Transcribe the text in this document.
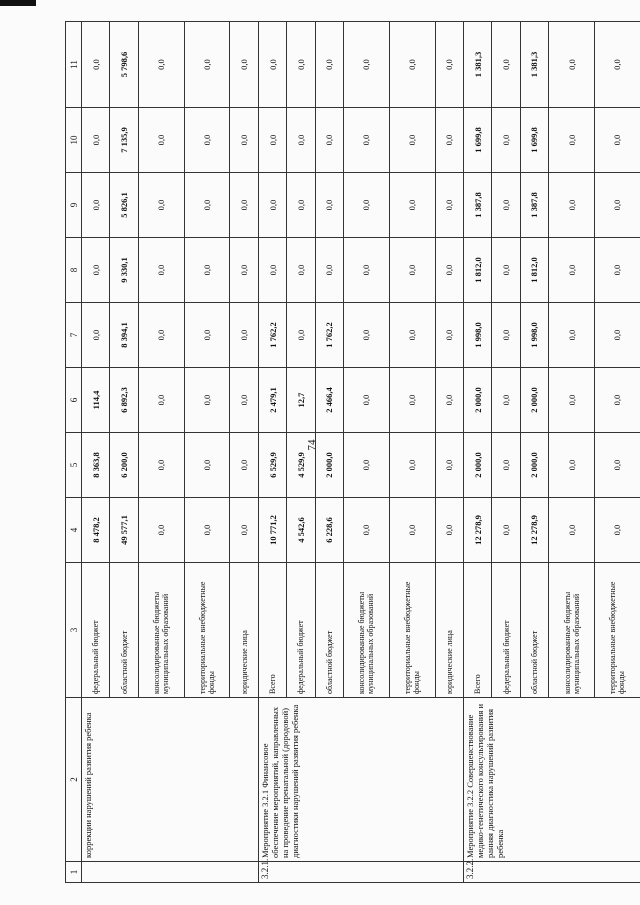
74
1	2	3	4	5	6	7	8	9	10	11
	коррекции нарушений развития ребенка	федеральный бюджет	8 478,2	8 363,8	114,4	0,0	0,0	0,0	0,0	0,0
		областной бюджет	49 577,1	6 200,0	6 892,3	8 394,1	9 330,1	5 826,1	7 135,9	5 798,6
		консолидированные бюджеты муниципальных образований	0,0	0,0	0,0	0,0	0,0	0,0	0,0	0,0
		территориальные внебюджетные фонды	0,0	0,0	0,0	0,0	0,0	0,0	0,0	0,0
		юридические лица	0,0	0,0	0,0	0,0	0,0	0,0	0,0	0,0
3.2.1.	Мероприятие 3.2.1 Финансовое обеспечение мероприятий, направленных на проведение пренатальной (дородовой) диагностики нарушений развития ребенка	Всего	10 771,2	6 529,9	2 479,1	1 762,2	0,0	0,0	0,0	0,0
		федеральный бюджет	4 542,6	4 529,9	12,7	0,0	0,0	0,0	0,0	0,0
		областной бюджет	6 228,6	2 000,0	2 466,4	1 762,2	0,0	0,0	0,0	0,0
		консолидированные бюджеты муниципальных образований	0,0	0,0	0,0	0,0	0,0	0,0	0,0	0,0
		территориальные внебюджетные фонды	0,0	0,0	0,0	0,0	0,0	0,0	0,0	0,0
		юридические лица	0,0	0,0	0,0	0,0	0,0	0,0	0,0	0,0
3.2.2.	Мероприятие 3.2.2 Совершенствование медико-генетического консультирования и ранняя диагностика нарушений развития ребенка	Всего	12 278,9	2 000,0	2 000,0	1 998,0	1 812,0	1 387,8	1 699,8	1 381,3
		федеральный бюджет	0,0	0,0	0,0	0,0	0,0	0,0	0,0	0,0
		областной бюджет	12 278,9	2 000,0	2 000,0	1 998,0	1 812,0	1 387,8	1 699,8	1 381,3
		консолидированные бюджеты муниципальных образований	0,0	0,0	0,0	0,0	0,0	0,0	0,0	0,0
		территориальные внебюджетные фонды	0,0	0,0	0,0	0,0	0,0	0,0	0,0	0,0
